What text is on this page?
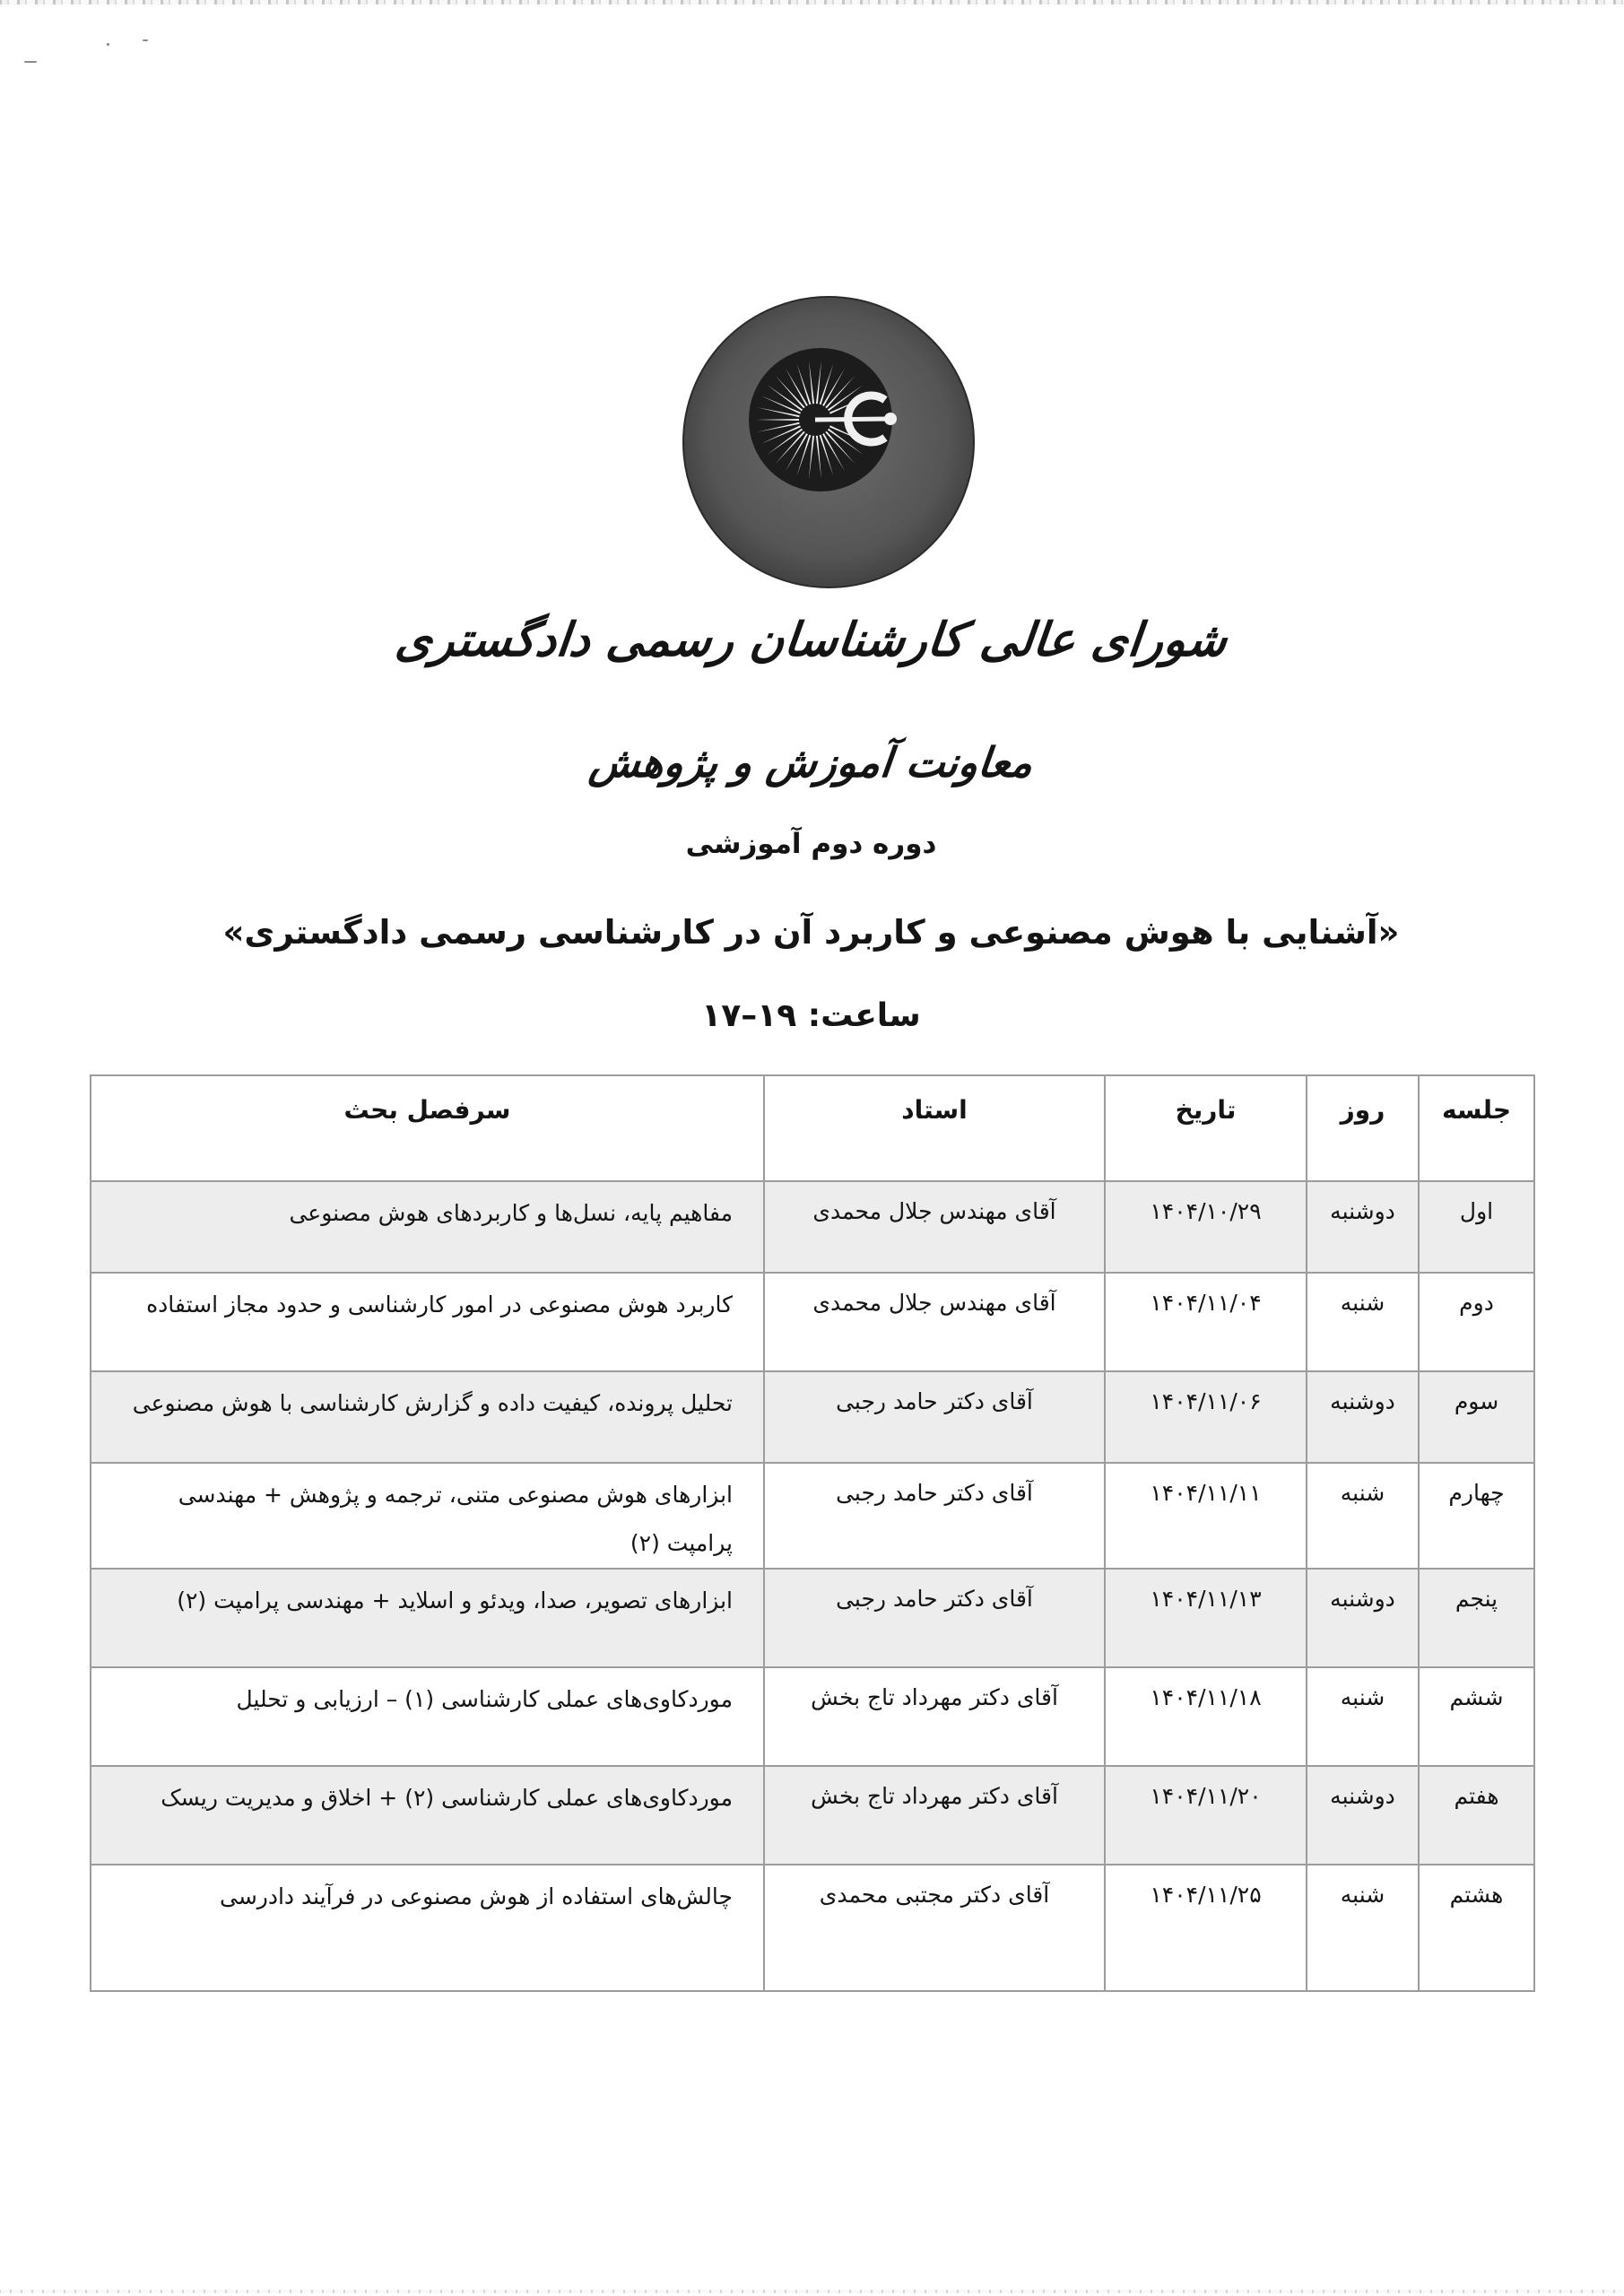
شورای عالی کارشناسان رسمی دادگستری
معاونت آموزش و پژوهش
دوره دوم آموزشی
«آشنایی با هوش مصنوعی و کاربرد آن در کارشناسی رسمی دادگستری»
ساعت: ۱۹–۱۷
جلسه	روز	تاریخ	استاد	سرفصل بحث
اول	دوشنبه	۱۴۰۴/۱۰/۲۹	آقای مهندس جلال محمدی	مفاهیم پایه، نسل‌ها و کاربردهای هوش مصنوعی
دوم	شنبه	۱۴۰۴/۱۱/۰۴	آقای مهندس جلال محمدی	کاربرد هوش مصنوعی در امور کارشناسی و حدود مجاز استفاده
سوم	دوشنبه	۱۴۰۴/۱۱/۰۶	آقای دکتر حامد رجبی	تحلیل پرونده، کیفیت داده و گزارش کارشناسی با هوش مصنوعی
چهارم	شنبه	۱۴۰۴/۱۱/۱۱	آقای دکتر حامد رجبی	ابزارهای هوش مصنوعی متنی، ترجمه و پژوهش + مهندسی پرامپت (۲)
پنجم	دوشنبه	۱۴۰۴/۱۱/۱۳	آقای دکتر حامد رجبی	ابزارهای تصویر، صدا، ویدئو و اسلاید + مهندسی پرامپت (۲)
ششم	شنبه	۱۴۰۴/۱۱/۱۸	آقای دکتر مهرداد تاج بخش	موردکاوی‌های عملی کارشناسی (۱) – ارزیابی و تحلیل
هفتم	دوشنبه	۱۴۰۴/۱۱/۲۰	آقای دکتر مهرداد تاج بخش	موردکاوی‌های عملی کارشناسی (۲) + اخلاق و مدیریت ریسک
هشتم	شنبه	۱۴۰۴/۱۱/۲۵	آقای دکتر مجتبی محمدی	چالش‌های استفاده از هوش مصنوعی در فرآیند دادرسی
